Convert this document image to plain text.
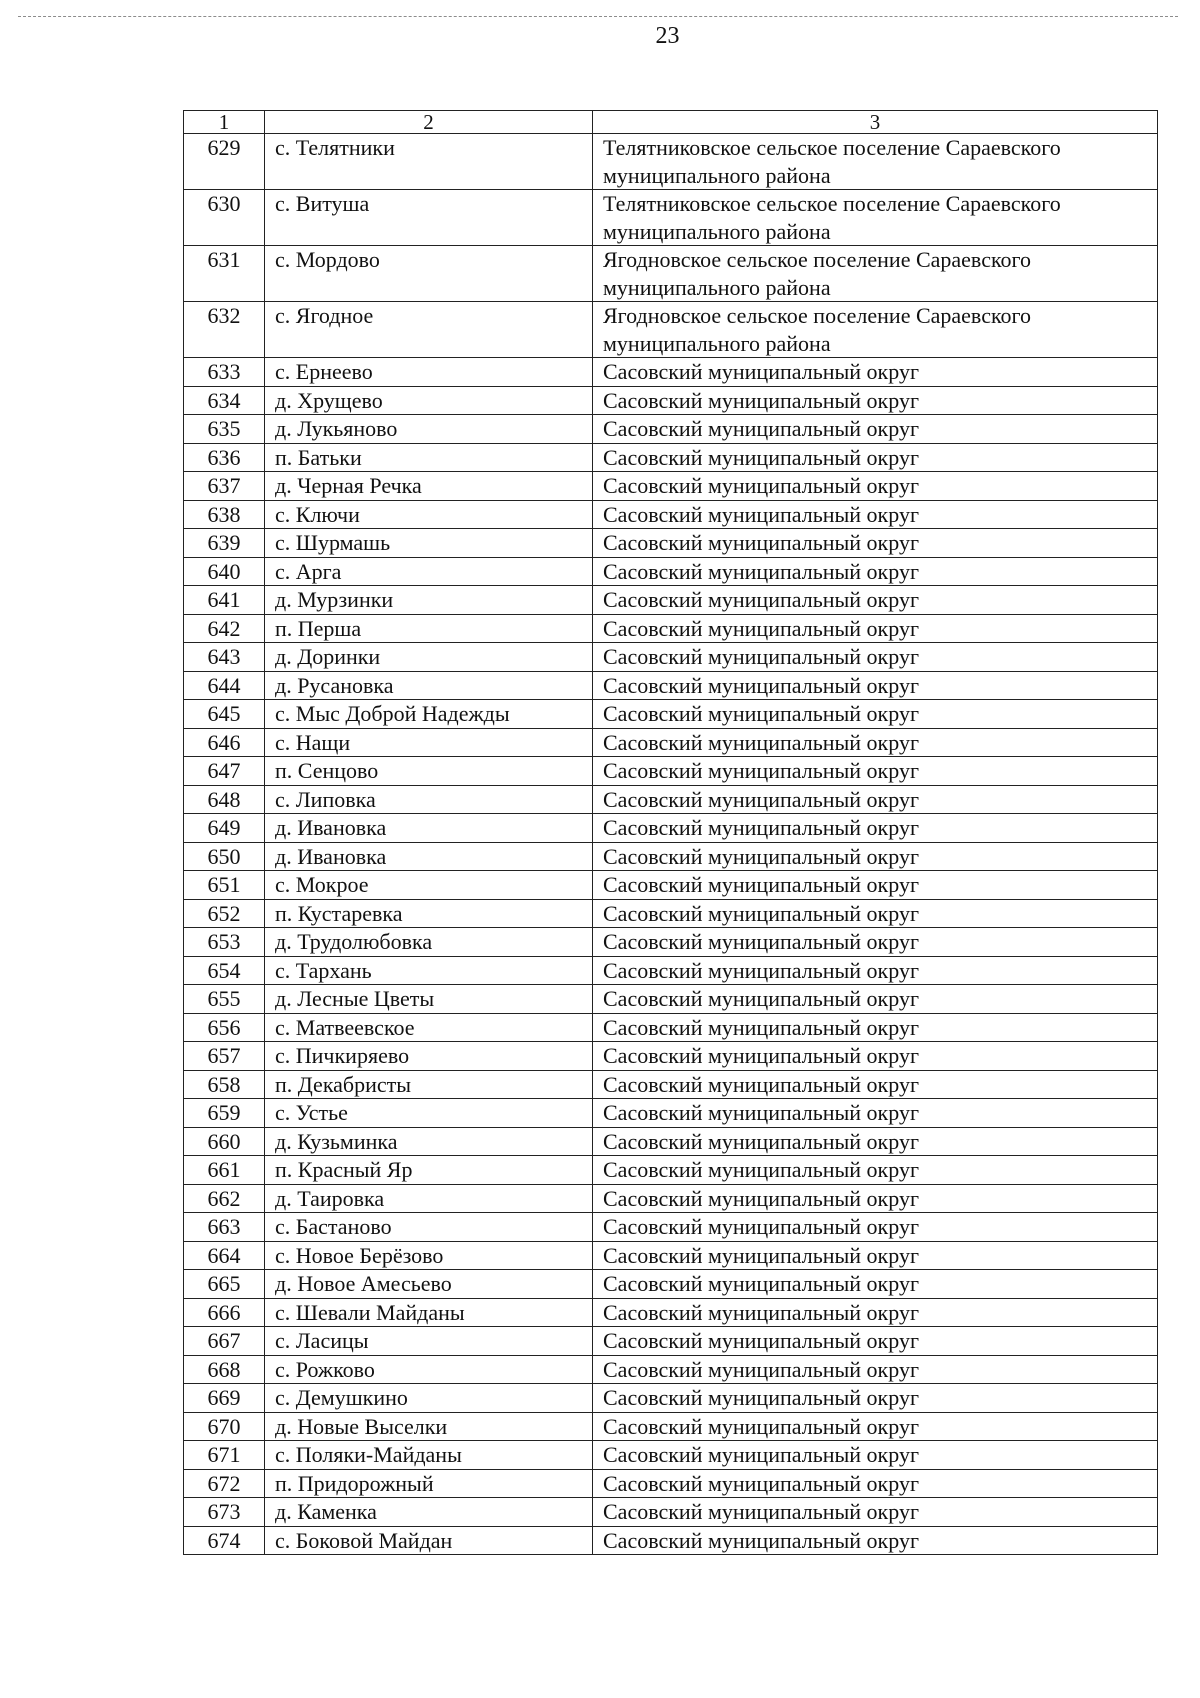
23
1	2	3
629	с. Телятники	Телятниковское сельское поселение Сараевского муниципального района
630	с. Витуша	Телятниковское сельское поселение Сараевского муниципального района
631	с. Мордово	Ягодновское сельское поселение Сараевского муниципального района
632	с. Ягодное	Ягодновское сельское поселение Сараевского муниципального района
633	с. Ернеево	Сасовский муниципальный округ
634	д. Хрущево	Сасовский муниципальный округ
635	д. Лукьяново	Сасовский муниципальный округ
636	п. Батьки	Сасовский муниципальный округ
637	д. Черная Речка	Сасовский муниципальный округ
638	с. Ключи	Сасовский муниципальный округ
639	с. Шурмашь	Сасовский муниципальный округ
640	с. Арга	Сасовский муниципальный округ
641	д. Мурзинки	Сасовский муниципальный округ
642	п. Перша	Сасовский муниципальный округ
643	д. Доринки	Сасовский муниципальный округ
644	д. Русановка	Сасовский муниципальный округ
645	с. Мыс Доброй Надежды	Сасовский муниципальный округ
646	с. Нащи	Сасовский муниципальный округ
647	п. Сенцово	Сасовский муниципальный округ
648	с. Липовка	Сасовский муниципальный округ
649	д. Ивановка	Сасовский муниципальный округ
650	д. Ивановка	Сасовский муниципальный округ
651	с. Мокрое	Сасовский муниципальный округ
652	п. Кустаревка	Сасовский муниципальный округ
653	д. Трудолюбовка	Сасовский муниципальный округ
654	с. Тархань	Сасовский муниципальный округ
655	д. Лесные Цветы	Сасовский муниципальный округ
656	с. Матвеевское	Сасовский муниципальный округ
657	с. Пичкиряево	Сасовский муниципальный округ
658	п. Декабристы	Сасовский муниципальный округ
659	с. Устье	Сасовский муниципальный округ
660	д. Кузьминка	Сасовский муниципальный округ
661	п. Красный Яр	Сасовский муниципальный округ
662	д. Таировка	Сасовский муниципальный округ
663	с. Бастаново	Сасовский муниципальный округ
664	с. Новое Берёзово	Сасовский муниципальный округ
665	д. Новое Амесьево	Сасовский муниципальный округ
666	с. Шевали Майданы	Сасовский муниципальный округ
667	с. Ласицы	Сасовский муниципальный округ
668	с. Рожково	Сасовский муниципальный округ
669	с. Демушкино	Сасовский муниципальный округ
670	д. Новые Выселки	Сасовский муниципальный округ
671	с. Поляки-Майданы	Сасовский муниципальный округ
672	п. Придорожный	Сасовский муниципальный округ
673	д. Каменка	Сасовский муниципальный округ
674	с. Боковой Майдан	Сасовский муниципальный округ
